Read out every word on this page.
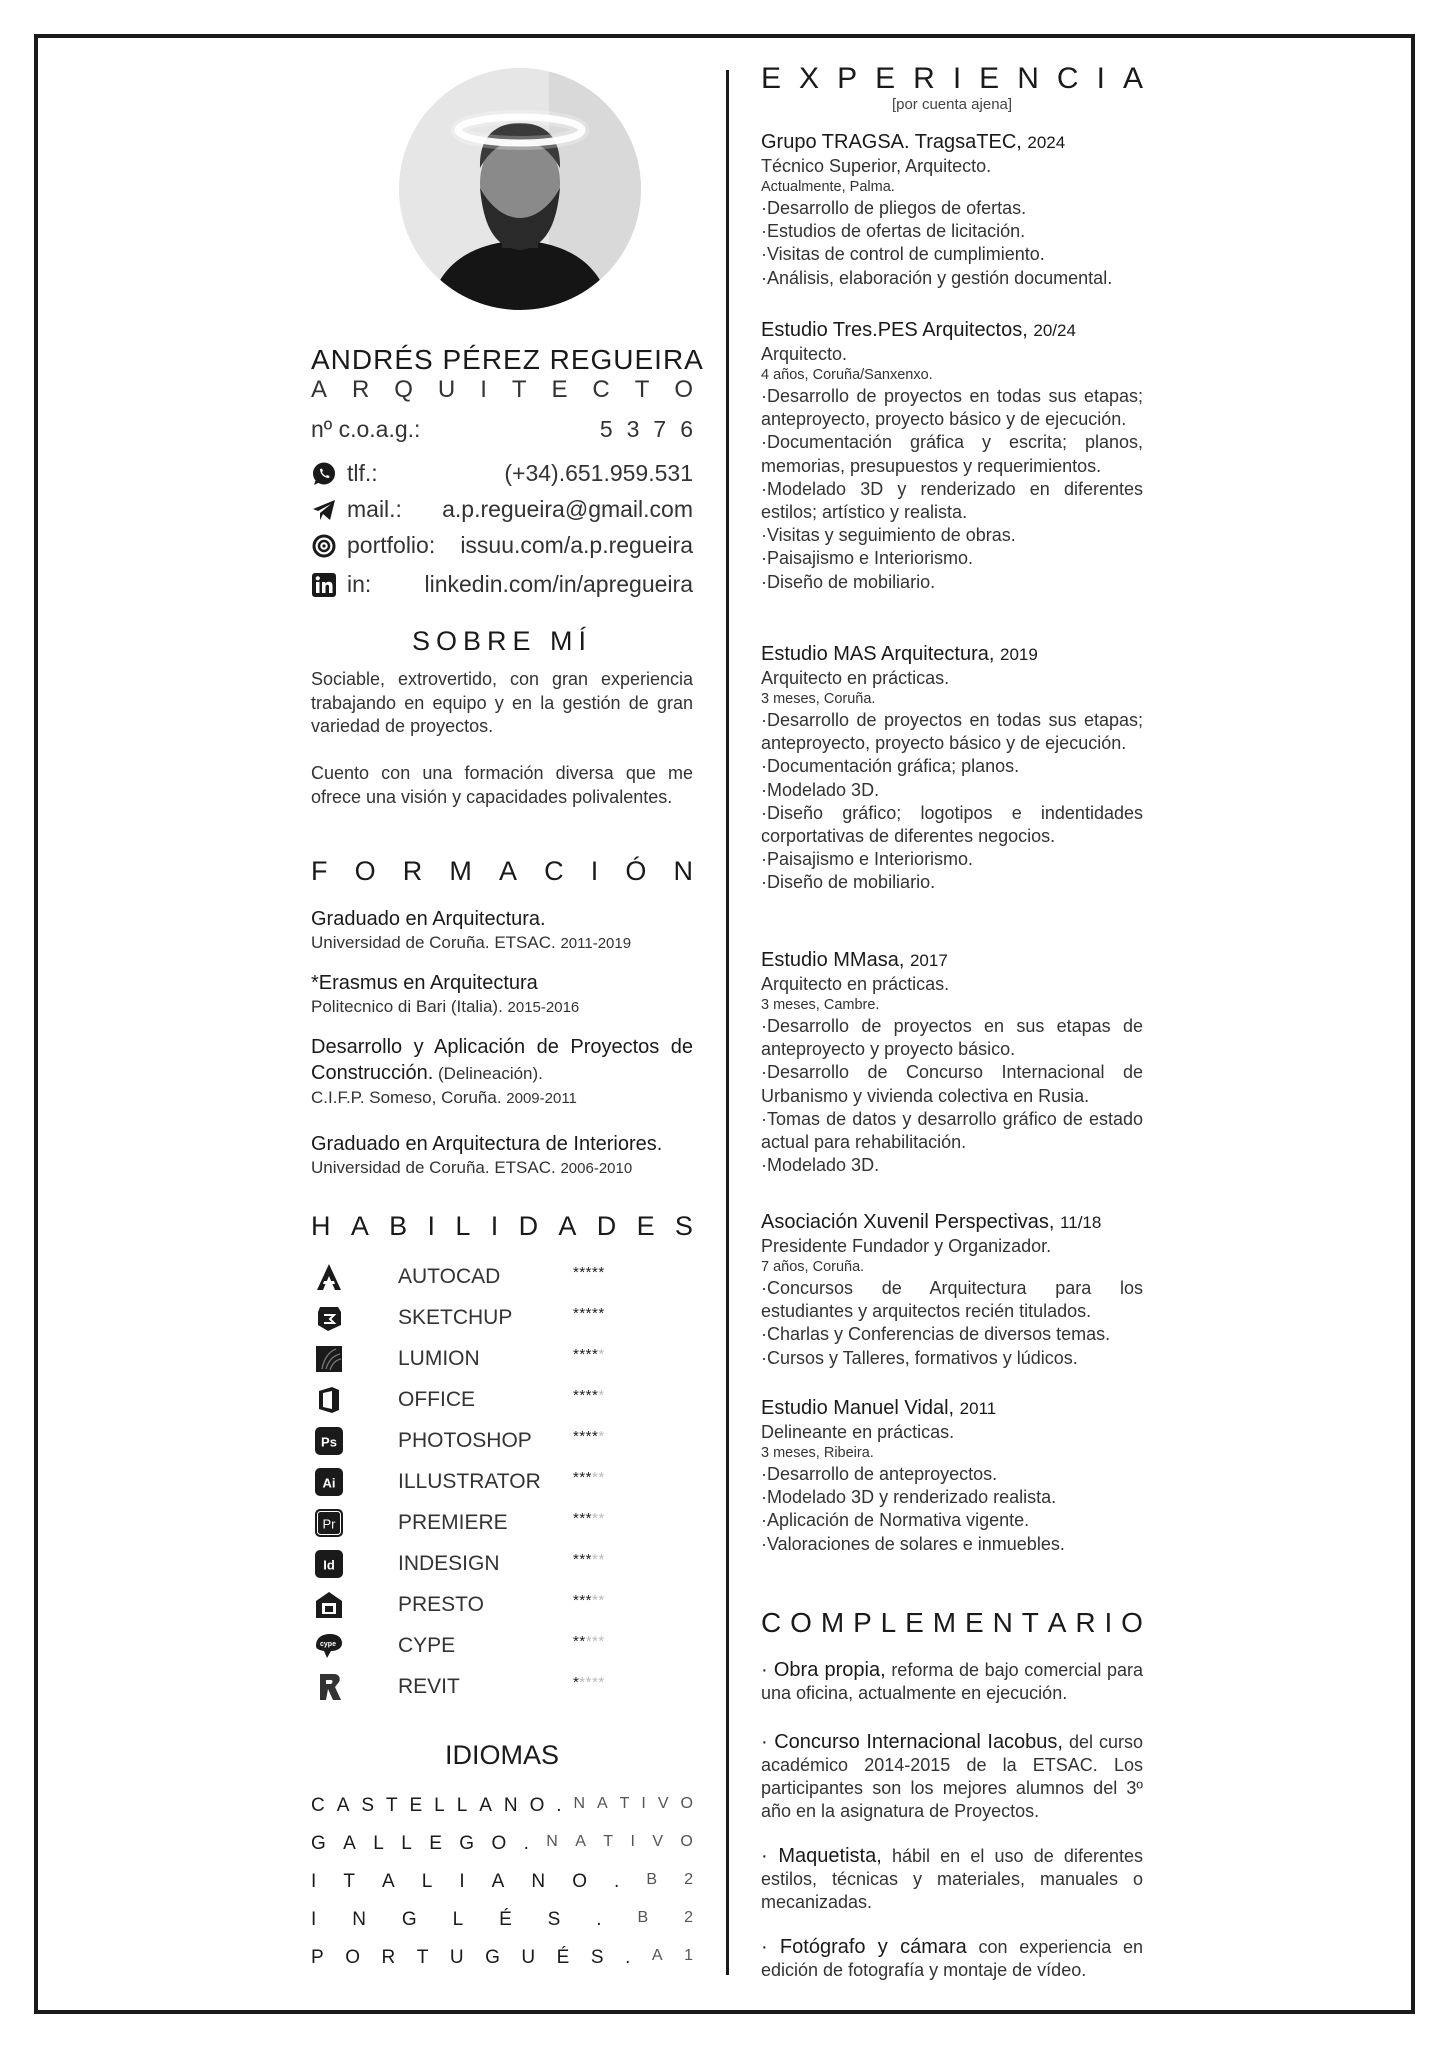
ANDRÉS PÉREZ REGUEIRA
A R Q U I T E C T O
nº c.o.a.g.:	5376
tlf.:	(+34).651.959.531
mail.: a.p.regueira@gmail.com
portfolio: issuu.com/a.p.regueira
in: linkedin.com/in/apregueira
SOBRE MÍ
Sociable, extrovertido, con gran experiencia trabajando en equipo y en la gestión de gran variedad de proyectos.
Cuento con una formación diversa que me ofrece una visión y capacidades polivalentes.
F O R M A C I Ó N
Graduado en Arquitectura.
Universidad de Coruña. ETSAC. 2011-2019
*Erasmus en Arquitectura
Politecnico di Bari (Italia). 2015-2016
Desarrollo y Aplicación de Proyectos de Construcción. (Delineación).
C.I.F.P. Someso, Coruña. 2009-2011
Graduado en Arquitectura de Interiores.
Universidad de Coruña. ETSAC. 2006-2010
H A B I L I D A D E S
AUTOCAD	*****
SKETCHUP	*****
LUMION	*****
OFFICE	*****
Ps	PHOTOSHOP	*****
Ai	ILLUSTRATOR *****
Pr	PREMIERE	*****
Id	INDESIGN	*****
PRESTO	*****
cype	CYPE	*****
REVIT	*****
IDIOMAS
C A S T E L L A N O . N A T I V O
G A L L E G O . N A T I V O
I T A L I A N O . B 2
I N G L É S . B 2
P O R T U G U É S . A 1
E X P E R I E N C I A
[por cuenta ajena]
Grupo TRAGSA. TragsaTEC, 2024
Técnico Superior, Arquitecto.
Actualmente, Palma.
·Desarrollo de pliegos de ofertas.
·Estudios de ofertas de licitación.
·Visitas de control de cumplimiento.
·Análisis, elaboración y gestión documental.
Estudio Tres.PES Arquitectos, 20/24
Arquitecto.
4 años, Coruña/Sanxenxo.
·Desarrollo de proyectos en todas sus etapas; anteproyecto, proyecto básico y de ejecución.
·Documentación gráfica y escrita; planos, memorias, presupuestos y requerimientos.
·Modelado 3D y renderizado en diferentes estilos; artístico y realista.
·Visitas y seguimiento de obras.
·Paisajismo e Interiorismo.
·Diseño de mobiliario.
Estudio MAS Arquitectura, 2019
Arquitecto en prácticas.
3 meses, Coruña.
·Desarrollo de proyectos en todas sus etapas; anteproyecto, proyecto básico y de ejecución.
·Documentación gráfica; planos.
·Modelado 3D.
·Diseño gráfico; logotipos e indentidades corportativas de diferentes negocios.
·Paisajismo e Interiorismo.
·Diseño de mobiliario.
Estudio MMasa, 2017
Arquitecto en prácticas.
3 meses, Cambre.
·Desarrollo de proyectos en sus etapas de anteproyecto y proyecto básico.
·Desarrollo de Concurso Internacional de Urbanismo y vivienda colectiva en Rusia.
·Tomas de datos y desarrollo gráfico de estado actual para rehabilitación.
·Modelado 3D.
Asociación Xuvenil Perspectivas, 11/18
Presidente Fundador y Organizador.
7 años, Coruña.
·Concursos de Arquitectura para los estudiantes y arquitectos recién titulados.
·Charlas y Conferencias de diversos temas.
·Cursos y Talleres, formativos y lúdicos.
Estudio Manuel Vidal, 2011
Delineante en prácticas.
3 meses, Ribeira.
·Desarrollo de anteproyectos.
·Modelado 3D y renderizado realista.
·Aplicación de Normativa vigente.
·Valoraciones de solares e inmuebles.
C O M P L E M E N T A R I O
· Obra propia, reforma de bajo comercial para una oficina, actualmente en ejecución.
· Concurso Internacional Iacobus, del curso académico 2014-2015 de la ETSAC. Los participantes son los mejores alumnos del 3º año en la asignatura de Proyectos.
· Maquetista, hábil en el uso de diferentes estilos, técnicas y materiales, manuales o mecanizadas.
· Fotógrafo y cámara con experiencia en edición de fotografía y montaje de vídeo.
